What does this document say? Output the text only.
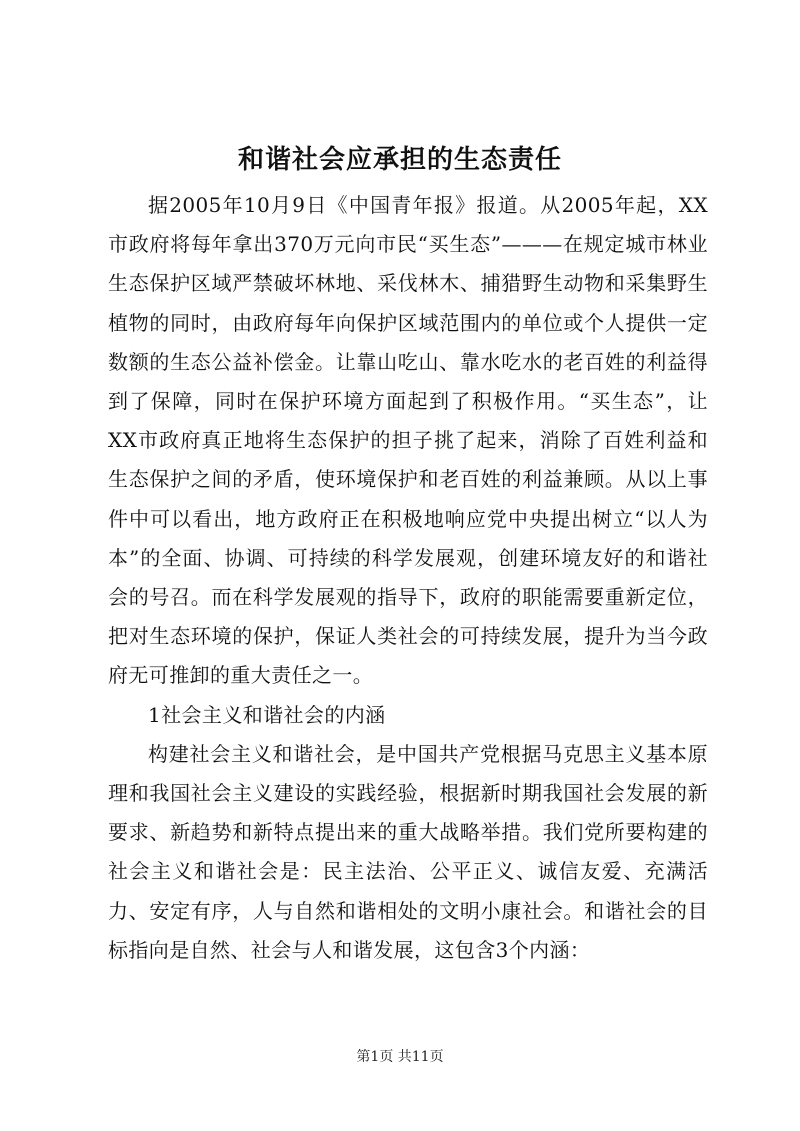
和谐社会应承担的生态责任

据2005年10月9日《中国青年报》报道。从2005年起，XX市政府将每年拿出370万元向市民“买生态”———在规定城市林业生态保护区域严禁破坏林地、采伐林木、捕猎野生动物和采集野生植物的同时，由政府每年向保护区域范围内的单位或个人提供一定数额的生态公益补偿金。让靠山吃山、靠水吃水的老百姓的利益得到了保障，同时在保护环境方面起到了积极作用。“买生态”，让XX市政府真正地将生态保护的担子挑了起来，消除了百姓利益和生态保护之间的矛盾，使环境保护和老百姓的利益兼顾。从以上事件中可以看出，地方政府正在积极地响应党中央提出树立“以人为本”的全面、协调、可持续的科学发展观，创建环境友好的和谐社会的号召。而在科学发展观的指导下，政府的职能需要重新定位，把对生态环境的保护，保证人类社会的可持续发展，提升为当今政府无可推卸的重大责任之一。

1社会主义和谐社会的内涵

构建社会主义和谐社会，是中国共产党根据马克思主义基本原理和我国社会主义建设的实践经验，根据新时期我国社会发展的新要求、新趋势和新特点提出来的重大战略举措。我们党所要构建的社会主义和谐社会是：民主法治、公平正义、诚信友爱、充满活力、安定有序，人与自然和谐相处的文明小康社会。和谐社会的目标指向是自然、社会与人和谐发展，这包含3个内涵：

第1页 共11页
